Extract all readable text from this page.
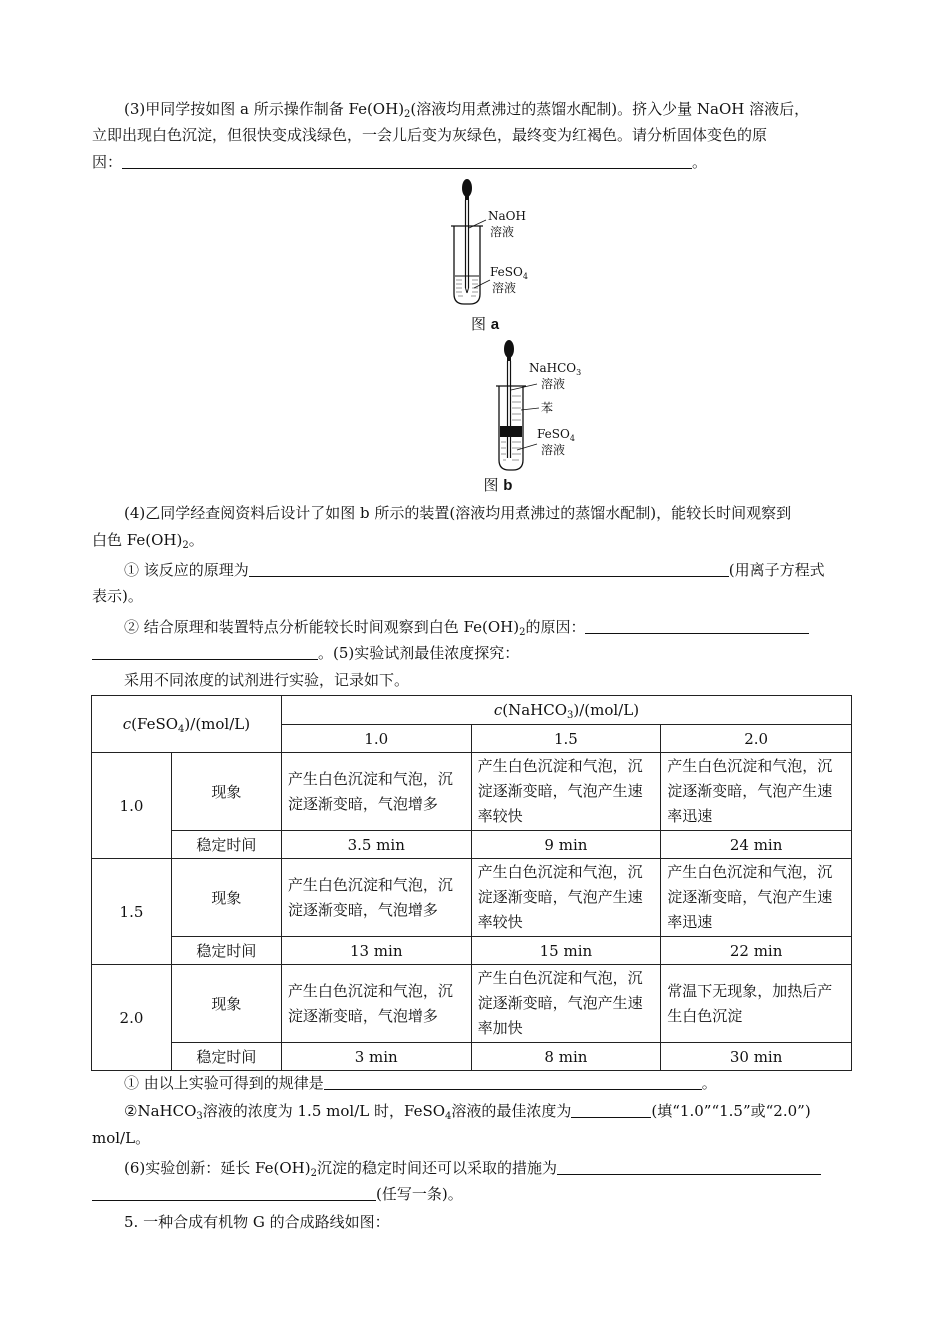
(3)甲同学按如图 a 所示操作制备 $Fe(OH)_2$(溶液均用煮沸过的蒸馏水配制)。挤入少量 NaOH 溶液后，

立即出现白色沉淀，但很快变成浅绿色，一会儿后变为灰绿色，最终变为红褐色。请分析固体变色的原

因：	。

NaOH
溶液
FeSO$_4$
溶液
图 a
NaHCO$_3$
溶液
苯
FeSO$_4$
溶液
图 b

(4)乙同学经查阅资料后设计了如图 b 所示的装置(溶液均用煮沸过的蒸馏水配制)，能较长时间观察到

白色 $Fe(OH)_2$。

① 该反应的原理为	(用离子方程式

表示)。

② 结合原理和装置特点分析能较长时间观察到白色 $Fe(OH)_2$的原因：

。(5)实验试剂最佳浓度探究：

采用不同浓度的试剂进行实验，记录如下。

c(FeSO$_4$)/(mol/L)		c(NaHCO$_3$)/(mol/L)		
		1.0	1.5	2.0
1.0	现象	产生白色沉淀和气泡，沉淀逐渐变暗，气泡增多	产生白色沉淀和气泡，沉淀逐渐变暗，气泡产生速率较快	产生白色沉淀和气泡，沉淀逐渐变暗，气泡产生速率迅速
	稳定时间	3.5 min	9 min	24 min
1.5	现象	产生白色沉淀和气泡，沉淀逐渐变暗，气泡增多	产生白色沉淀和气泡，沉淀逐渐变暗，气泡产生速率较快	产生白色沉淀和气泡，沉淀逐渐变暗，气泡产生速率迅速
	稳定时间	13 min	15 min	22 min
2.0	现象	产生白色沉淀和气泡，沉淀逐渐变暗，气泡增多	产生白色沉淀和气泡，沉淀逐渐变暗，气泡产生速率加快	常温下无现象，加热后产生白色沉淀
	稳定时间	3 min	8 min	30 min

① 由以上实验可得到的规律是	。

②NaHCO$_3$溶液的浓度为 1.5 mol/L 时，FeSO$_4$溶液的最佳浓度为	(填“1.0”“1.5”或“2.0”)

mol/L。

(6)实验创新：延长 $Fe(OH)_2$沉淀的稳定时间还可以采取的措施为

(任写一条)。

5. 一种合成有机物 G 的合成路线如图：
